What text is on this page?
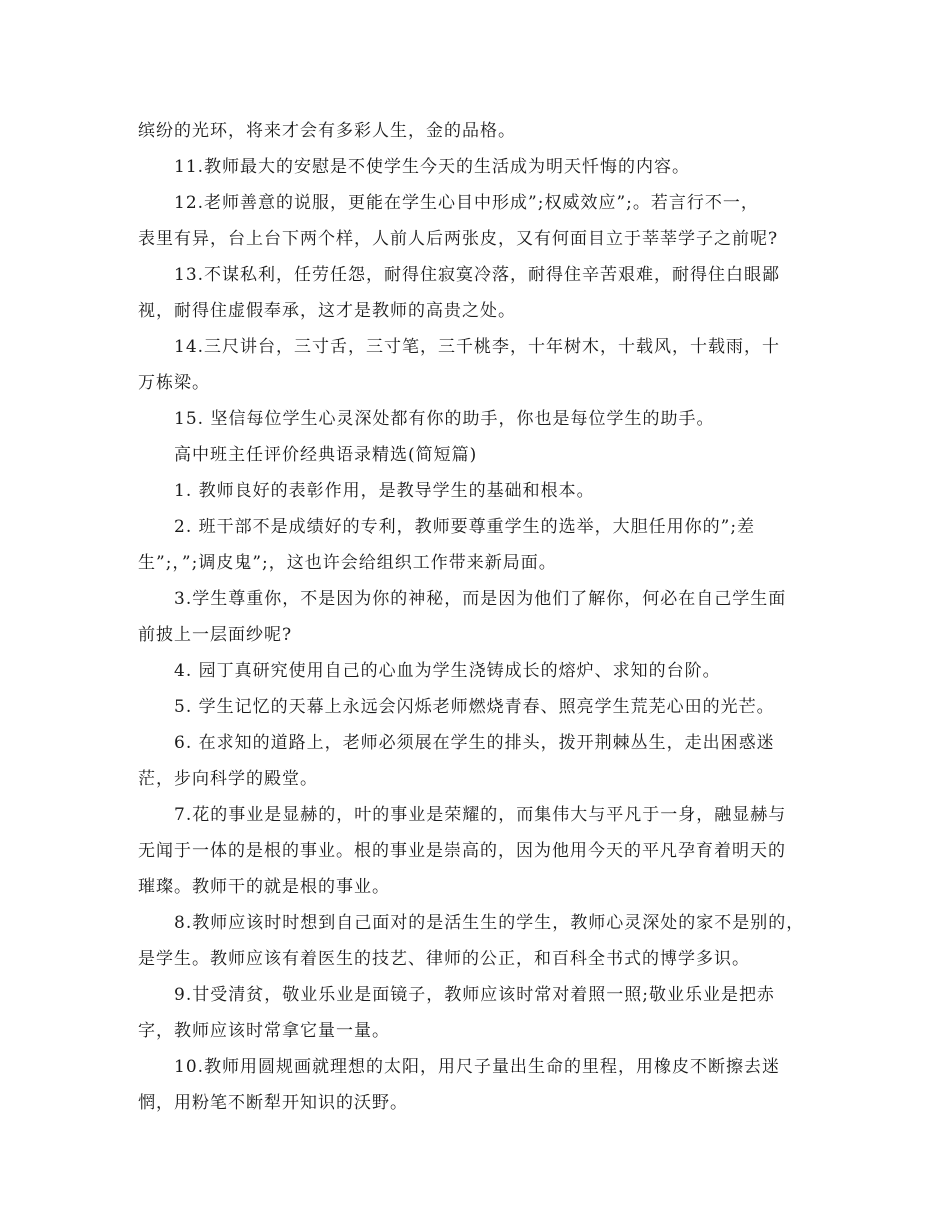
缤纷的光环，将来才会有多彩人生，金的品格。
11.教师最大的安慰是不使学生今天的生活成为明天忏悔的内容。
12.老师善意的说服，更能在学生心目中形成”;权威效应”;。若言行不一，
表里有异，台上台下两个样，人前人后两张皮，又有何面目立于莘莘学子之前呢?
13.不谋私利，任劳任怨，耐得住寂寞冷落，耐得住辛苦艰难，耐得住白眼鄙
视，耐得住虚假奉承，这才是教师的高贵之处。
14.三尺讲台，三寸舌，三寸笔，三千桃李，十年树木，十载风，十载雨，十
万栋梁。
15. 坚信每位学生心灵深处都有你的助手，你也是每位学生的助手。
高中班主任评价经典语录精选(简短篇)
1. 教师良好的表彰作用，是教导学生的基础和根本。
2. 班干部不是成绩好的专利，教师要尊重学生的选举，大胆任用你的”;差
生”;，”;调皮鬼”;，这也许会给组织工作带来新局面。
3.学生尊重你，不是因为你的神秘，而是因为他们了解你，何必在自己学生面
前披上一层面纱呢?
4. 园丁真研究使用自己的心血为学生浇铸成长的熔炉、求知的台阶。
5. 学生记忆的天幕上永远会闪烁老师燃烧青春、照亮学生荒芜心田的光芒。
6. 在求知的道路上，老师必须展在学生的排头，拨开荆棘丛生，走出困惑迷
茫，步向科学的殿堂。
7.花的事业是显赫的，叶的事业是荣耀的，而集伟大与平凡于一身，融显赫与
无闻于一体的是根的事业。根的事业是崇高的，因为他用今天的平凡孕育着明天的
璀璨。教师干的就是根的事业。
8.教师应该时时想到自己面对的是活生生的学生，教师心灵深处的家不是别的，
是学生。教师应该有着医生的技艺、律师的公正，和百科全书式的博学多识。
9.甘受清贫，敬业乐业是面镜子，教师应该时常对着照一照;敬业乐业是把赤
字，教师应该时常拿它量一量。
10.教师用圆规画就理想的太阳，用尺子量出生命的里程，用橡皮不断擦去迷
惘，用粉笔不断犁开知识的沃野。
